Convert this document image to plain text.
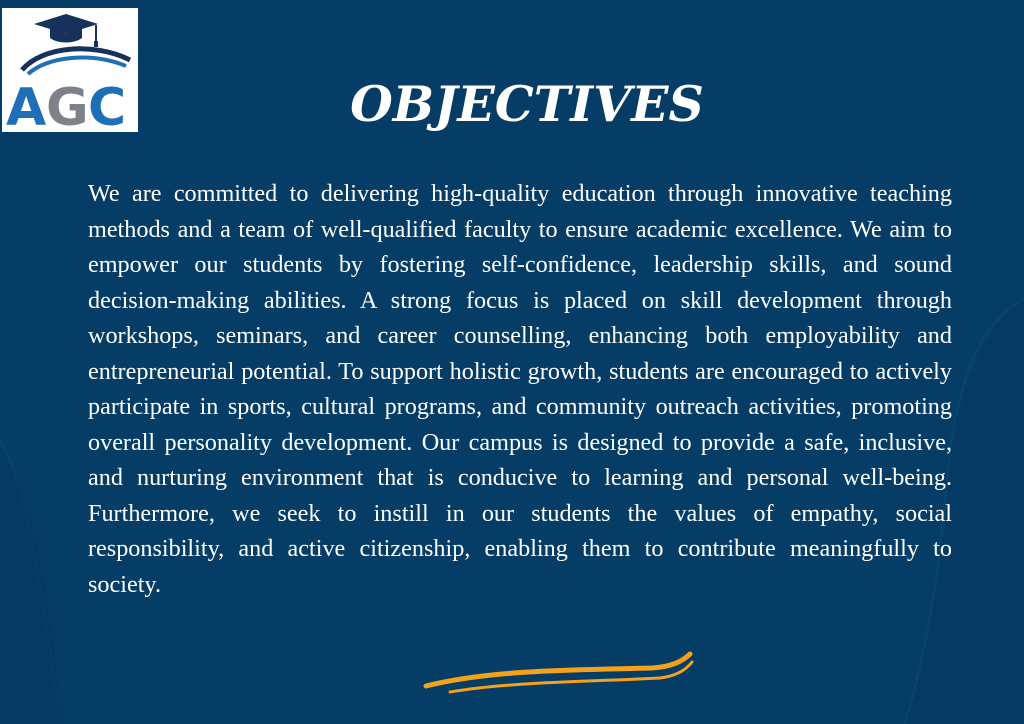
A G C	OBJECTIVES

We are committed to delivering high-quality education through innovative teaching methods and a team of well-qualified faculty to ensure academic excellence. We aim to empower our students by fostering self-confidence, leadership skills, and sound decision-making abilities. A strong focus is placed on skill development through workshops, seminars, and career counselling, enhancing both employability and entrepreneurial potential. To support holistic growth, students are encouraged to actively participate in sports, cultural programs, and community outreach activities, promoting overall personality development. Our campus is designed to provide a safe, inclusive, and nurturing environment that is conducive to learning and personal well-being. Furthermore, we seek to instill in our students the values of empathy, social responsibility, and active citizenship, enabling them to contribute meaningfully to society.
